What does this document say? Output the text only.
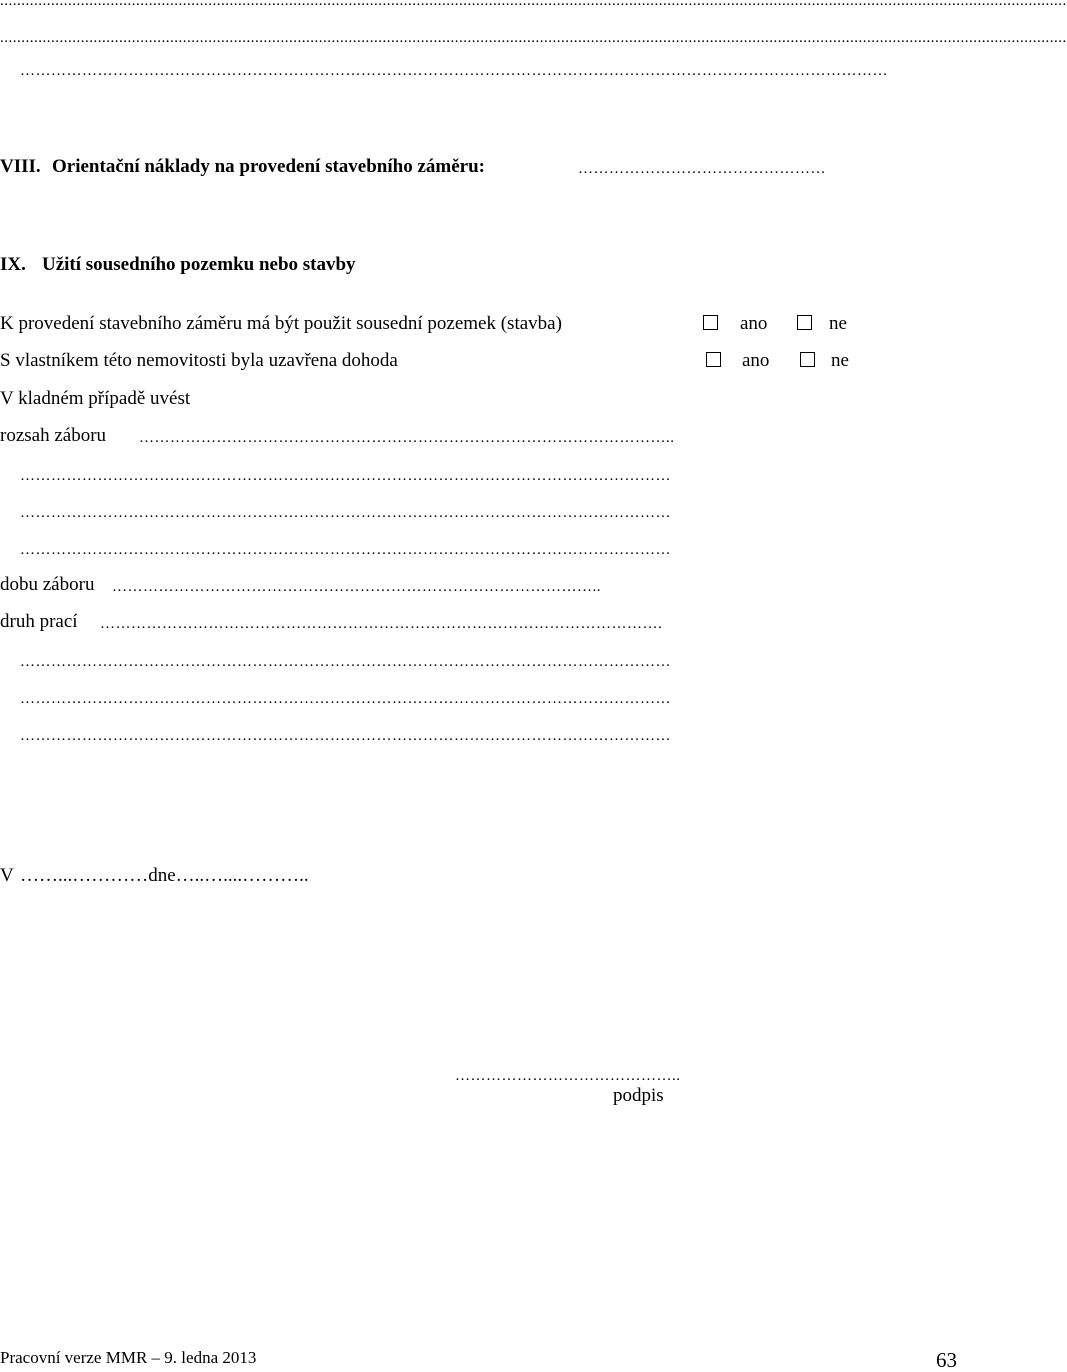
...........................................................................................................................................................................................................................................................
...........................................................................................................................................................................................................................................................
……………………………………………………………………………………………………………………………………………………
VIII. Orientační náklady na provedení stavebního záměru:	…………………………………………
IX. Užití sousedního pozemku nebo stavby
K provedení stavebního záměru má být použit sousední pozemek (stavba)	ano	ne
S vlastníkem této nemovitosti byla uzavřena dohoda	ano	ne
V kladném případě uvést
rozsah záboru …………………………………………………………………………………………..
………………………………………………………………………………………………………………
………………………………………………………………………………………………………………
………………………………………………………………………………………………………………
dobu záboru …………………………………………………………………………………..
druh prací ……………………………………………………………………………………………….
………………………………………………………………………………………………………………
………………………………………………………………………………………………………………
………………………………………………………………………………………………………………
V ……...…………dne…..…....………..
……………………………………..
podpis
Pracovní verze MMR – 9. ledna 2013	63
